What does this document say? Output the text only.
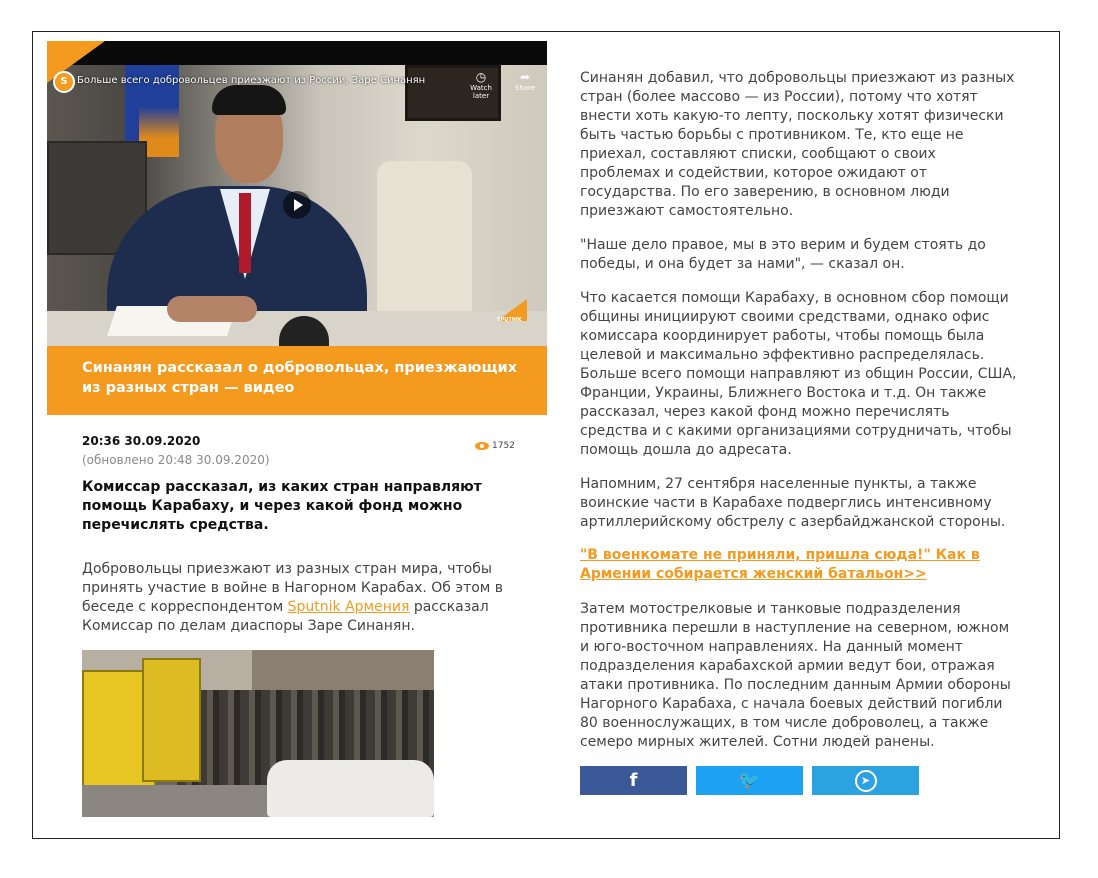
S Больше всего добровольцев приезжают из России, Заре Синанян	◷
Watch later
➦
Share
SPUTNIK
Синанян рассказал о добровольцах, приезжающих из разных стран — видео
20:36 30.09.2020
(обновлено 20:48 30.09.2020)
1752
Комиссар рассказал, из каких стран направляют помощь Карабаху, и через какой фонд можно перечислять средства.
Добровольцы приезжают из разных стран мира, чтобы принять участие в войне в Нагорном Карабах. Об этом в беседе с корреспондентом Sputnik Армения рассказал Комиссар по делам диаспоры Заре Синанян.
Синанян добавил, что добровольцы приезжают из разных стран (более массово — из России), потому что хотят внести хоть какую-то лепту, поскольку хотят физически быть частью борьбы с противником. Те, кто еще не приехал, составляют списки, сообщают о своих проблемах и содействии, которое ожидают от государства. По его заверению, в основном люди приезжают самостоятельно.
"Наше дело правое, мы в это верим и будем стоять до победы, и она будет за нами", — сказал он.
Что касается помощи Карабаху, в основном сбор помощи общины инициируют своими средствами, однако офис комиссара координирует работы, чтобы помощь была целевой и максимально эффективно распределялась. Больше всего помощи направляют из общин России, США, Франции, Украины, Ближнего Востока и т.д. Он также рассказал, через какой фонд можно перечислять средства и с какими организациями сотрудничать, чтобы помощь дошла до адресата.
Напомним, 27 сентября населенные пункты, а также воинские части в Карабахе подверглись интенсивному артиллерийскому обстрелу с азербайджанской стороны.
"В военкомате не приняли, пришла сюда!" Как в Армении собирается женский батальон>>
Затем мотострелковые и танковые подразделения противника перешли в наступление на северном, южном и юго-восточном направлениях. На данный момент подразделения карабахской армии ведут бои, отражая атаки противника. По последним данным Армии обороны Нагорного Карабаха, с начала боевых действий погибли 80 военнослужащих, в том числе доброволец, а также семеро мирных жителей. Сотни людей ранены.
f	🐦	➤
